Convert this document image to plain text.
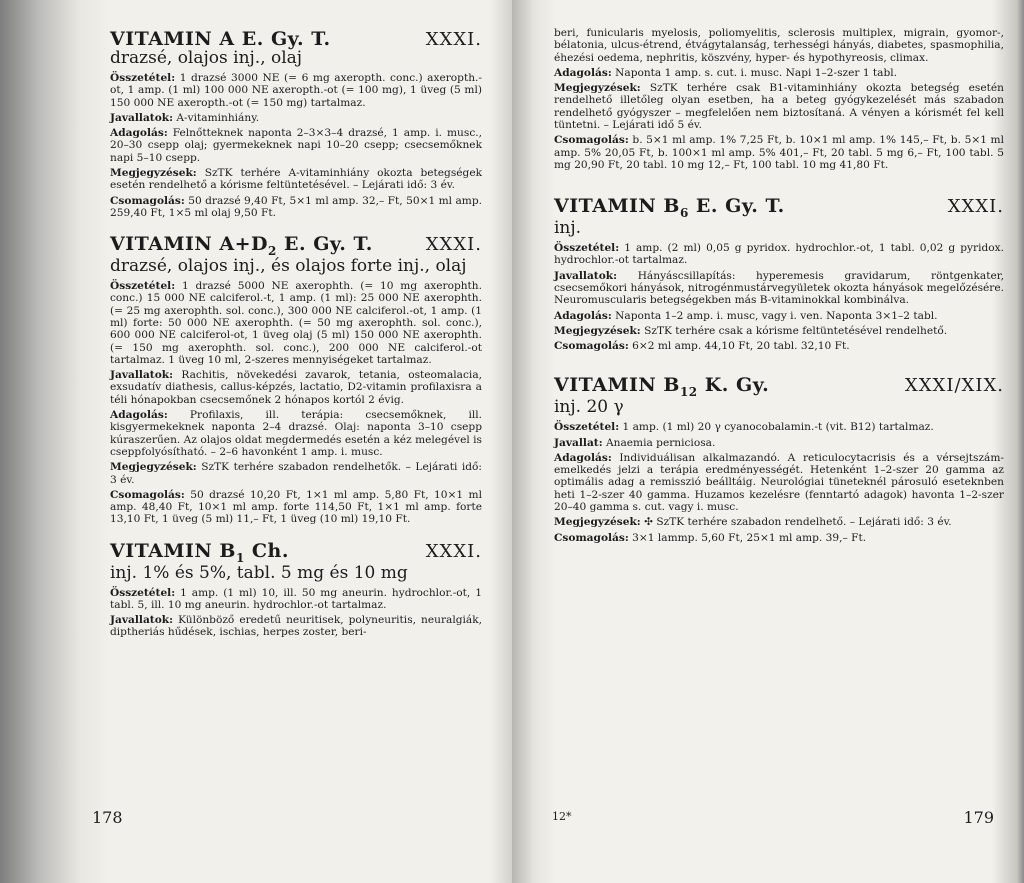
VITAMIN A E. Gy. T.	XXXI.
drazsé, olajos inj., olaj

Összetétel: 1 drazsé 3000 NE (= 6 mg axeropth. conc.) axeropth.-ot, 1 amp. (1 ml) 100 000 NE axeropth.-ot (= 100 mg), 1 üveg (5 ml) 150 000 NE axeropth.-ot (= 150 mg) tartalmaz.

Javallatok: A-vitaminhiány.

Adagolás: Felnőtteknek naponta 2–3×3–4 drazsé, 1 amp. i. musc., 20–30 csepp olaj; gyermekeknek napi 10–20 csepp; csecsemőknek napi 5–10 csepp.

Megjegyzések: SzTK terhére A-vitaminhiány okozta betegségek esetén rendelhető a kórisme feltüntetésével. – Lejárati idő: 3 év.

Csomagolás: 50 drazsé 9,40 Ft, 5×1 ml amp. 32,– Ft, 50×1 ml amp. 259,40 Ft, 1×5 ml olaj 9,50 Ft.

VITAMIN $A+D_2$ E. Gy. T.	XXXI.
drazsé, olajos inj., és olajos forte inj., olaj

Összetétel: 1 drazsé 5000 NE axerophth. (= 10 mg axerophth. conc.) 15 000 NE calciferol.-t, 1 amp. (1 ml): 25 000 NE axerophth. (= 25 mg axerophth. sol. conc.), 300 000 NE calciferol.-ot, 1 amp. (1 ml) forte: 50 000 NE axerophth. (= 50 mg axerophth. sol. conc.), 600 000 NE calciferol-ot, 1 üveg olaj (5 ml) 150 000 NE axerophth. (= 150 mg axerophth. sol. conc.), 200 000 NE calciferol.-ot tartalmaz. 1 üveg 10 ml, 2-szeres mennyiségeket tartalmaz.

Javallatok: Rachitis, növekedési zavarok, tetania, osteomalacia, exsudatív diathesis, callus-képzés, lactatio, D2-vitamin profilaxisra a téli hónapokban csecsemőnek 2 hónapos kortól 2 évig.

Adagolás: Profilaxis, ill. terápia: csecsemőknek, ill. kisgyermekeknek naponta 2–4 drazsé. Olaj: naponta 3–10 csepp kúraszerűen. Az olajos oldat megdermedés esetén a kéz melegével is cseppfolyósítható. – 2–6 havonként 1 amp. i. musc.

Megjegyzések: SzTK terhére szabadon rendelhetők. – Lejárati idő: 3 év.

Csomagolás: 50 drazsé 10,20 Ft, 1×1 ml amp. 5,80 Ft, 10×1 ml amp. 48,40 Ft, 10×1 ml amp. forte 114,50 Ft, 1×1 ml amp. forte 13,10 Ft, 1 üveg (5 ml) 11,– Ft, 1 üveg (10 ml) 19,10 Ft.

VITAMIN $B_1$ Ch.	XXXI.
inj. 1% és 5%, tabl. 5 mg és 10 mg

Összetétel: 1 amp. (1 ml) 10, ill. 50 mg aneurin. hydrochlor.-ot, 1 tabl. 5, ill. 10 mg aneurin. hydrochlor.-ot tartalmaz.

Javallatok: Különböző eredetű neuritisek, polyneuritis, neuralgiák, diptheriás hűdések, ischias, herpes zoster, beri-

178

beri, funicularis myelosis, poliomyelitis, sclerosis multiplex, migrain, gyomor-, bélatonia, ulcus-étrend, étvágytalanság, terhességi hányás, diabetes, spasmophilia, éhezési oedema, nephritis, köszvény, hyper- és hypothyreosis, climax.

Adagolás: Naponta 1 amp. s. cut. i. musc. Napi 1–2-szer 1 tabl.

Megjegyzések: SzTK terhére csak B1-vitaminhiány okozta betegség esetén rendelhető illetőleg olyan esetben, ha a beteg gyógykezelését más szabadon rendelhető gyógyszer – megfelelően nem biztosítaná. A vényen a kórismét fel kell tüntetni. – Lejárati idő 5 év.

Csomagolás: b. 5×1 ml amp. 1% 7,25 Ft, b. 10×1 ml amp. 1% 145,– Ft, b. 5×1 ml amp. 5% 20,05 Ft, b. 100×1 ml amp. 5% 401,– Ft, 20 tabl. 5 mg 6,– Ft, 100 tabl. 5 mg 20,90 Ft, 20 tabl. 10 mg 12,– Ft, 100 tabl. 10 mg 41,80 Ft.

VITAMIN $B_6$ E. Gy. T.	XXXI.
inj.

Összetétel: 1 amp. (2 ml) 0,05 g pyridox. hydrochlor.-ot, 1 tabl. 0,02 g pyridox. hydrochlor.-ot tartalmaz.

Javallatok: Hányáscsillapítás: hyperemesis gravidarum, röntgenkater, csecsemőkori hányások, nitrogénmustárvegyületek okozta hányások megelőzésére. Neuromuscularis betegségekben más B-vitaminokkal kombinálva.

Adagolás: Naponta 1–2 amp. i. musc, vagy i. ven. Naponta 3×1–2 tabl.

Megjegyzések: SzTK terhére csak a kórisme feltüntetésével rendelhető.

Csomagolás: 6×2 ml amp. 44,10 Ft, 20 tabl. 32,10 Ft.

VITAMIN $B_{12}$ K. Gy.	XXXI/XIX.
inj. 20 γ

Összetétel: 1 amp. (1 ml) 20 γ cyanocobalamin.-t (vit. B12) tartalmaz.

Javallat: Anaemia perniciosa.

Adagolás: Individuálisan alkalmazandó. A reticulocytacrisis és a vérsejtszám-emelkedés jelzi a terápia eredményességét. Hetenként 1–2-szer 20 gamma az optimális adag a remisszió beálltáig. Neurológiai tüneteknél párosuló eseteknben heti 1–2-szer 40 gamma. Huzamos kezelésre (fenntartó adagok) havonta 1–2-szer 20–40 gamma s. cut. vagy i. musc.

Megjegyzések: ✣ SzTK terhére szabadon rendelhető. – Lejárati idő: 3 év.

Csomagolás: 3×1 lammp. 5,60 Ft, 25×1 ml amp. 39,– Ft.

12*	179
